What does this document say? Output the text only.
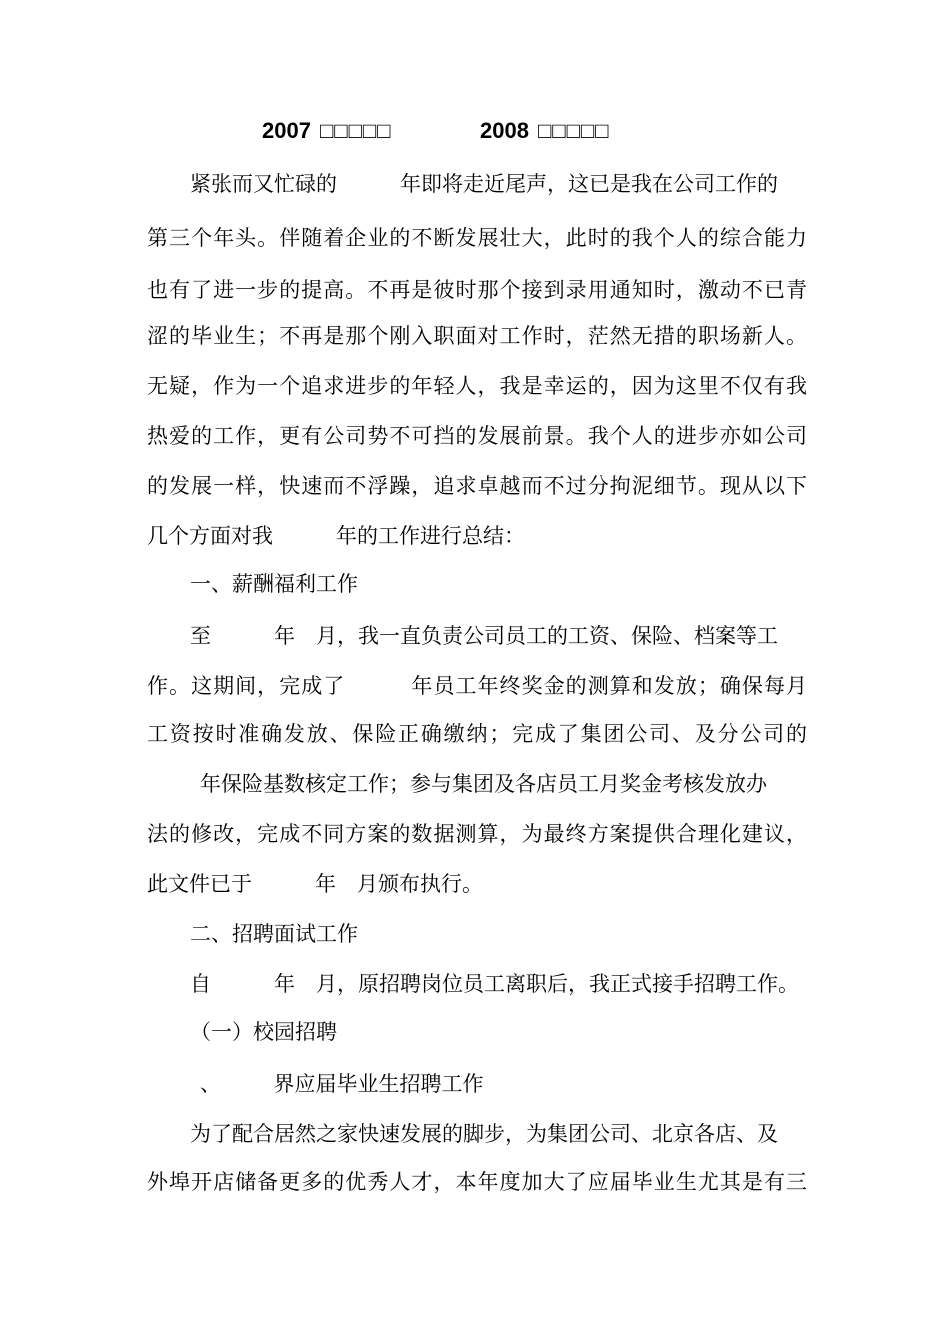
2007 □□□□□	2008 □□□□□
紧张而又忙碌的　　　年即将走近尾声，这已是我在公司工作的
第三个年头。伴随着企业的不断发展壮大，此时的我个人的综合能力
也有了进一步的提高。不再是彼时那个接到录用通知时，激动不已青
涩的毕业生；不再是那个刚入职面对工作时，茫然无措的职场新人。
无疑，作为一个追求进步的年轻人，我是幸运的，因为这里不仅有我
热爱的工作，更有公司势不可挡的发展前景。我个人的进步亦如公司
的发展一样，快速而不浮躁，追求卓越而不过分拘泥细节。现从以下
几个方面对我　　　年的工作进行总结：
一、薪酬福利工作
至　　　年　月，我一直负责公司员工的工资、保险、档案等工
作。这期间，完成了　　　年员工年终奖金的测算和发放；确保每月
工资按时准确发放、保险正确缴纳；完成了集团公司、及分公司的
年保险基数核定工作；参与集团及各店员工月奖金考核发放办
法的修改，完成不同方案的数据测算，为最终方案提供合理化建议，
此文件已于　　　年　月颁布执行。
二、招聘面试工作
自　　　年　月，原招聘岗位员工离职后，我正式接手招聘工作。
（一）校园招聘
、　　　界应届毕业生招聘工作
为了配合居然之家快速发展的脚步，为集团公司、北京各店、及
外埠开店储备更多的优秀人才，本年度加大了应届毕业生尤其是有三
